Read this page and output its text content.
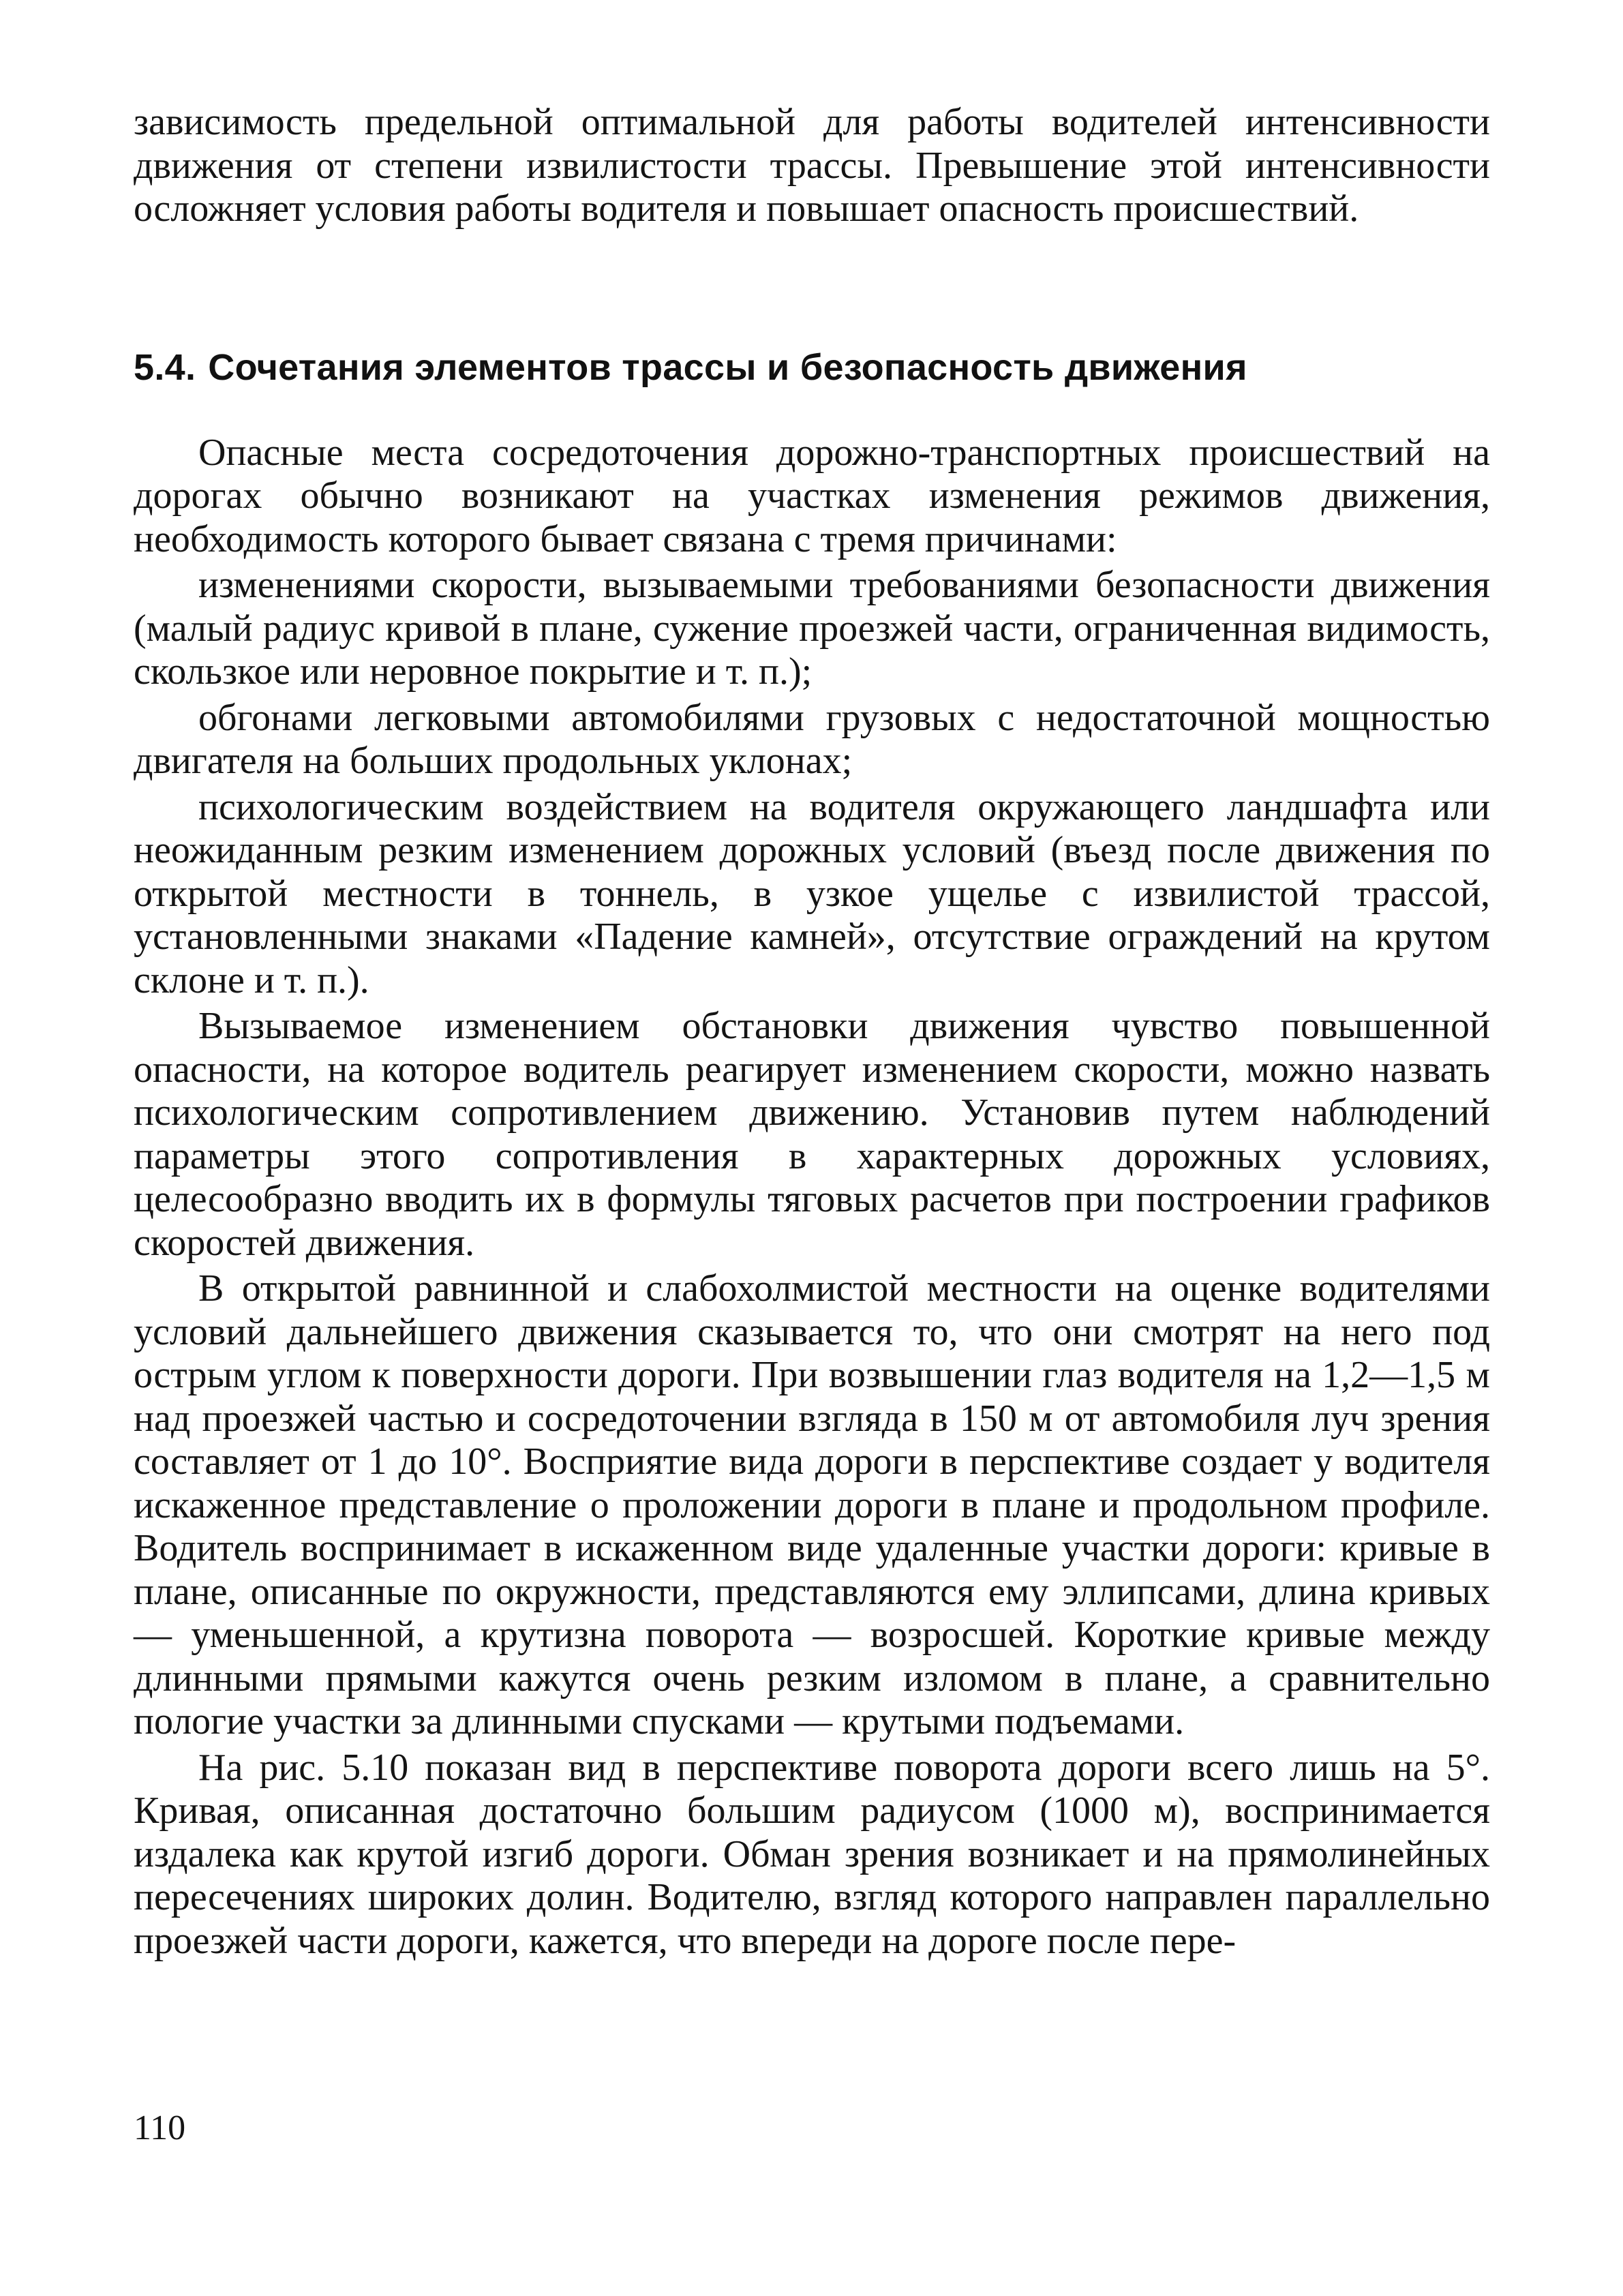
зависимость предельной оптимальной для работы водителей интенсивности движения от степени извилистости трассы. Превышение этой интенсивности осложняет условия работы водителя и повышает опасность происшествий.

5.4. Сочетания элементов трассы и безопасность движения

Опасные места сосредоточения дорожно-транспортных происшествий на дорогах обычно возникают на участках изменения режимов движения, необходимость которого бывает связана с тремя причинами:

изменениями скорости, вызываемыми требованиями безопасности движения (малый радиус кривой в плане, сужение проезжей части, ограниченная видимость, скользкое или неровное покрытие и т. п.);

обгонами легковыми автомобилями грузовых с недостаточной мощностью двигателя на больших продольных уклонах;

психологическим воздействием на водителя окружающего ландшафта или неожиданным резким изменением дорожных условий (въезд после движения по открытой местности в тоннель, в узкое ущелье с извилистой трассой, установленными знаками «Падение камней», отсутствие ограждений на крутом склоне и т. п.).

Вызываемое изменением обстановки движения чувство повышенной опасности, на которое водитель реагирует изменением скорости, можно назвать психологическим сопротивлением движению. Установив путем наблюдений параметры этого сопротивления в характерных дорожных условиях, целесообразно вводить их в формулы тяговых расчетов при построении графиков скоростей движения.

В открытой равнинной и слабохолмистой местности на оценке водителями условий дальнейшего движения сказывается то, что они смотрят на него под острым углом к поверхности дороги. При возвышении глаз водителя на 1,2—1,5 м над проезжей частью и сосредоточении взгляда в 150 м от автомобиля луч зрения составляет от 1 до 10°. Восприятие вида дороги в перспективе создает у водителя искаженное представление о проложении дороги в плане и продольном профиле. Водитель воспринимает в искаженном виде удаленные участки дороги: кривые в плане, описанные по окружности, представляются ему эллипсами, длина кривых — уменьшенной, а крутизна поворота — возросшей. Короткие кривые между длинными прямыми кажутся очень резким изломом в плане, а сравнительно пологие участки за длинными спусками — крутыми подъемами.

На рис. 5.10 показан вид в перспективе поворота дороги всего лишь на 5°. Кривая, описанная достаточно большим радиусом (1000 м), воспринимается издалека как крутой изгиб дороги. Обман зрения возникает и на прямолинейных пересечениях широких долин. Водителю, взгляд которого направлен параллельно проезжей части дороги, кажется, что впереди на дороге после пере-

110
